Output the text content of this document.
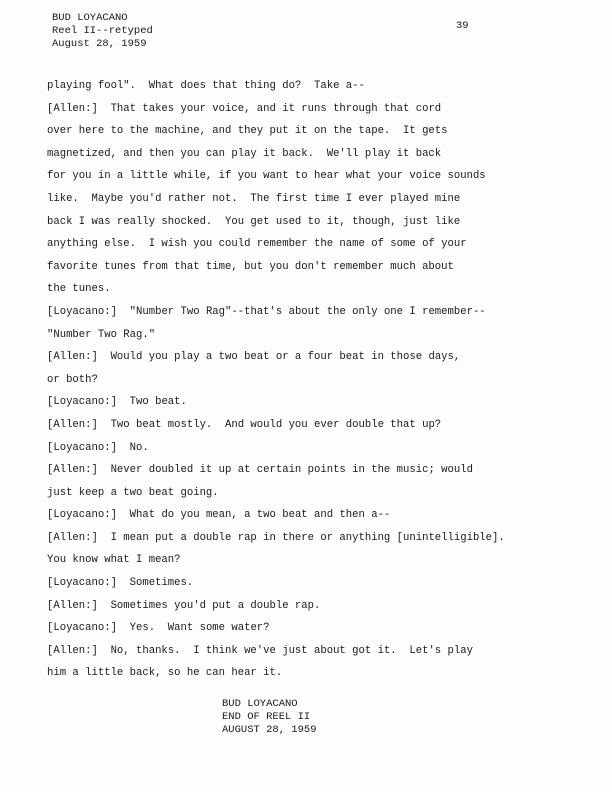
BUD LOYACANO
Reel II--retyped
August 28, 1959
39
playing fool".  What does that thing do?  Take a--
[Allen:]  That takes your voice, and it runs through that cord
over here to the machine, and they put it on the tape.  It gets
magnetized, and then you can play it back.  We'll play it back
for you in a little while, if you want to hear what your voice sounds
like.  Maybe you'd rather not.  The first time I ever played mine
back I was really shocked.  You get used to it, though, just like
anything else.  I wish you could remember the name of some of your
favorite tunes from that time, but you don't remember much about
the tunes.
[Loyacano:]  "Number Two Rag"--that's about the only one I remember--
"Number Two Rag."
[Allen:]  Would you play a two beat or a four beat in those days,
or both?
[Loyacano:]  Two beat.
[Allen:]  Two beat mostly.  And would you ever double that up?
[Loyacano:]  No.
[Allen:]  Never doubled it up at certain points in the music; would
just keep a two beat going.
[Loyacano:]  What do you mean, a two beat and then a--
[Allen:]  I mean put a double rap in there or anything [unintelligible].
You know what I mean?
[Loyacano:]  Sometimes.
[Allen:]  Sometimes you'd put a double rap.
[Loyacano:]  Yes.  Want some water?
[Allen:]  No, thanks.  I think we've just about got it.  Let's play
him a little back, so he can hear it.
BUD LOYACANO
END OF REEL II
AUGUST 28, 1959
